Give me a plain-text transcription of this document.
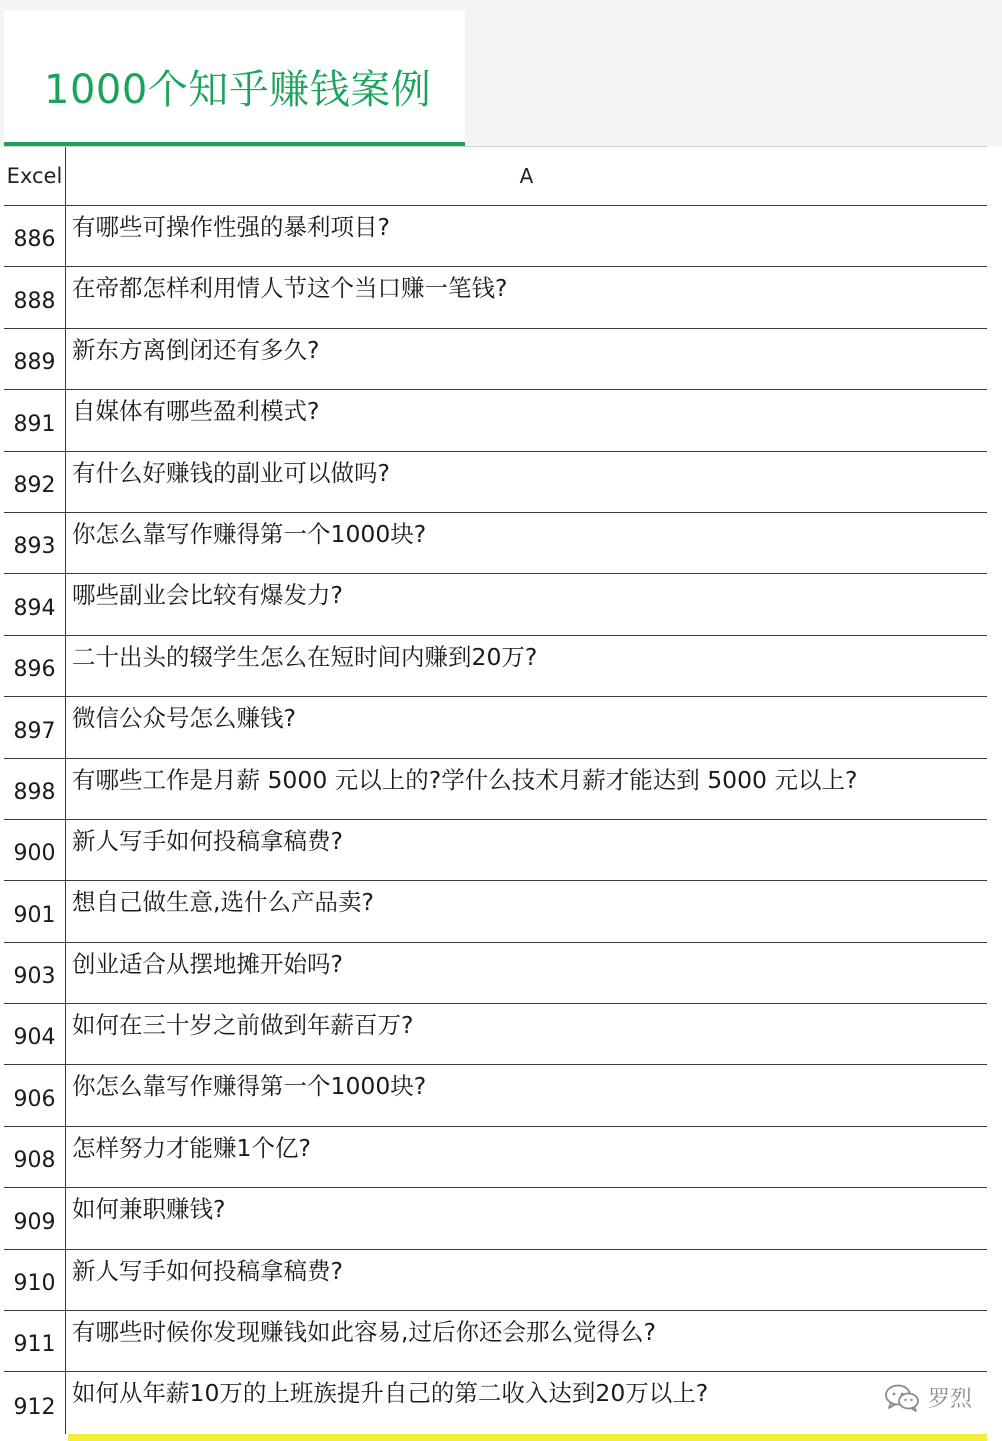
1000个知乎赚钱案例
Excel	A
886 有哪些可操作性强的暴利项目?
888 在帝都怎样利用情人节这个当口赚一笔钱?
889 新东方离倒闭还有多久?
891 自媒体有哪些盈利模式?
892 有什么好赚钱的副业可以做吗?
893 你怎么靠写作赚得第一个1000块?
894 哪些副业会比较有爆发力?
896 二十出头的辍学生怎么在短时间内赚到20万?
897 微信公众号怎么赚钱?
898 有哪些工作是月薪 5000 元以上的?学什么技术月薪才能达到 5000 元以上?
900 新人写手如何投稿拿稿费?
901 想自己做生意,选什么产品卖?
903 创业适合从摆地摊开始吗?
904 如何在三十岁之前做到年薪百万?
906 你怎么靠写作赚得第一个1000块?
908 怎样努力才能赚1个亿?
909 如何兼职赚钱?
910 新人写手如何投稿拿稿费?
911 有哪些时候你发现赚钱如此容易,过后你还会那么觉得么?
912 如何从年薪10万的上班族提升自己的第二收入达到20万以上?	罗烈
